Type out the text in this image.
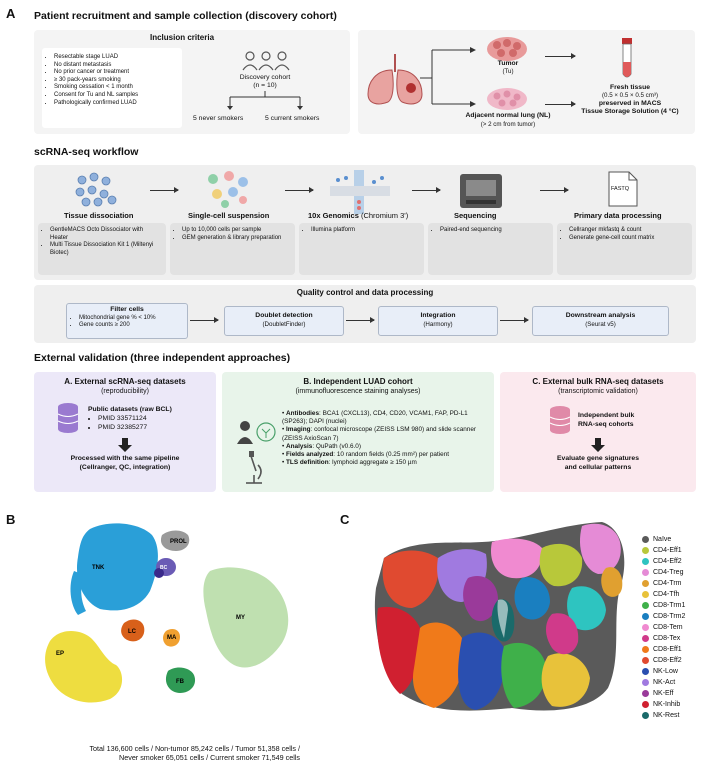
A Patient recruitment and sample collection (discovery cohort)
Inclusion criteria
• Resectable stage LUAD
• No distant metastasis
• No prior cancer or treatment
• ≥ 30 pack-years smoking
• Smoking cessation < 1 month
• Consent for Tu and NL samples
• Pathologically confirmed LUAD
Discovery cohort
(n = 10)
5 never smokers	5 current smokers
Tumor
(Tu)
Adjacent normal lung (NL)
(> 2 cm from tumor)
Fresh tissue
(0.5 × 0.5 × 0.5 cm³)
preserved in MACS
Tissue Storage Solution (4 °C)
scRNA-seq workflow
FASTQ
Tissue dissociation	Single-cell suspension	10x Genomics (Chromium 3')	Sequencing	Primary data processing
• GentleMACS Octo Dissociator with Heater
• Multi Tissue Dissociation Kit 1 (Miltenyi Biotec)
• Up to 10,000 cells per sample
• GEM generation & library preparation
• Illumina platform	• Paired-end sequencing	• Cellranger mkfastq & count
• Generate gene-cell count matrix
Quality control and data processing
Filter cells
• Mitochondrial gene % < 10%
• Gene counts ≥ 200
Doublet detection
(DoubletFinder)
Integration
(Harmony)
Downstream analysis
(Seurat v5)
External validation (three independent approaches)
A. External scRNA-seq datasets
(reproducibility)
Public datasets (raw BCL)
• PMID 33571124
• PMID 32385277
Processed with the same pipeline
(Cellranger, QC, integration)
B. Independent LUAD cohort
(immunofluorescence staining analyses)
• Antibodies: BCA1 (CXCL13), CD4, CD20, VCAM1, FAP, PD-L1 (SP263); DAPI (nuclei)
• Imaging: confocal microscope (ZEISS LSM 980) and slide scanner (ZEISS AxioScan 7)
• Analysis: QuPath (v0.6.0)
• Fields analyzed: 10 random fields (0.25 mm²) per patient
• TLS definition: lymphoid aggregate ≥ 150 µm
C. External bulk RNA-seq datasets
(transcriptomic validation)
Independent bulk
RNA-seq cohorts
Evaluate gene signatures
and cellular patterns
B
TNK
PROL
BC
MY
LC
MA
EP
FB
Total 136,600 cells / Non-tumor 85,242 cells / Tumor 51,358 cells /
Never smoker 65,051 cells / Current smoker 71,549 cells
C
Naïve
CD4-Eff1
CD4-Eff2
CD4-Treg
CD4-Trm
CD4-Tfh
CD8-Trm1
CD8-Trm2
CD8-Tem
CD8-Tex
CD8-Eff1
CD8-Eff2
NK-Low
NK-Act
NK-Eff
NK-Inhib
NK-Rest
